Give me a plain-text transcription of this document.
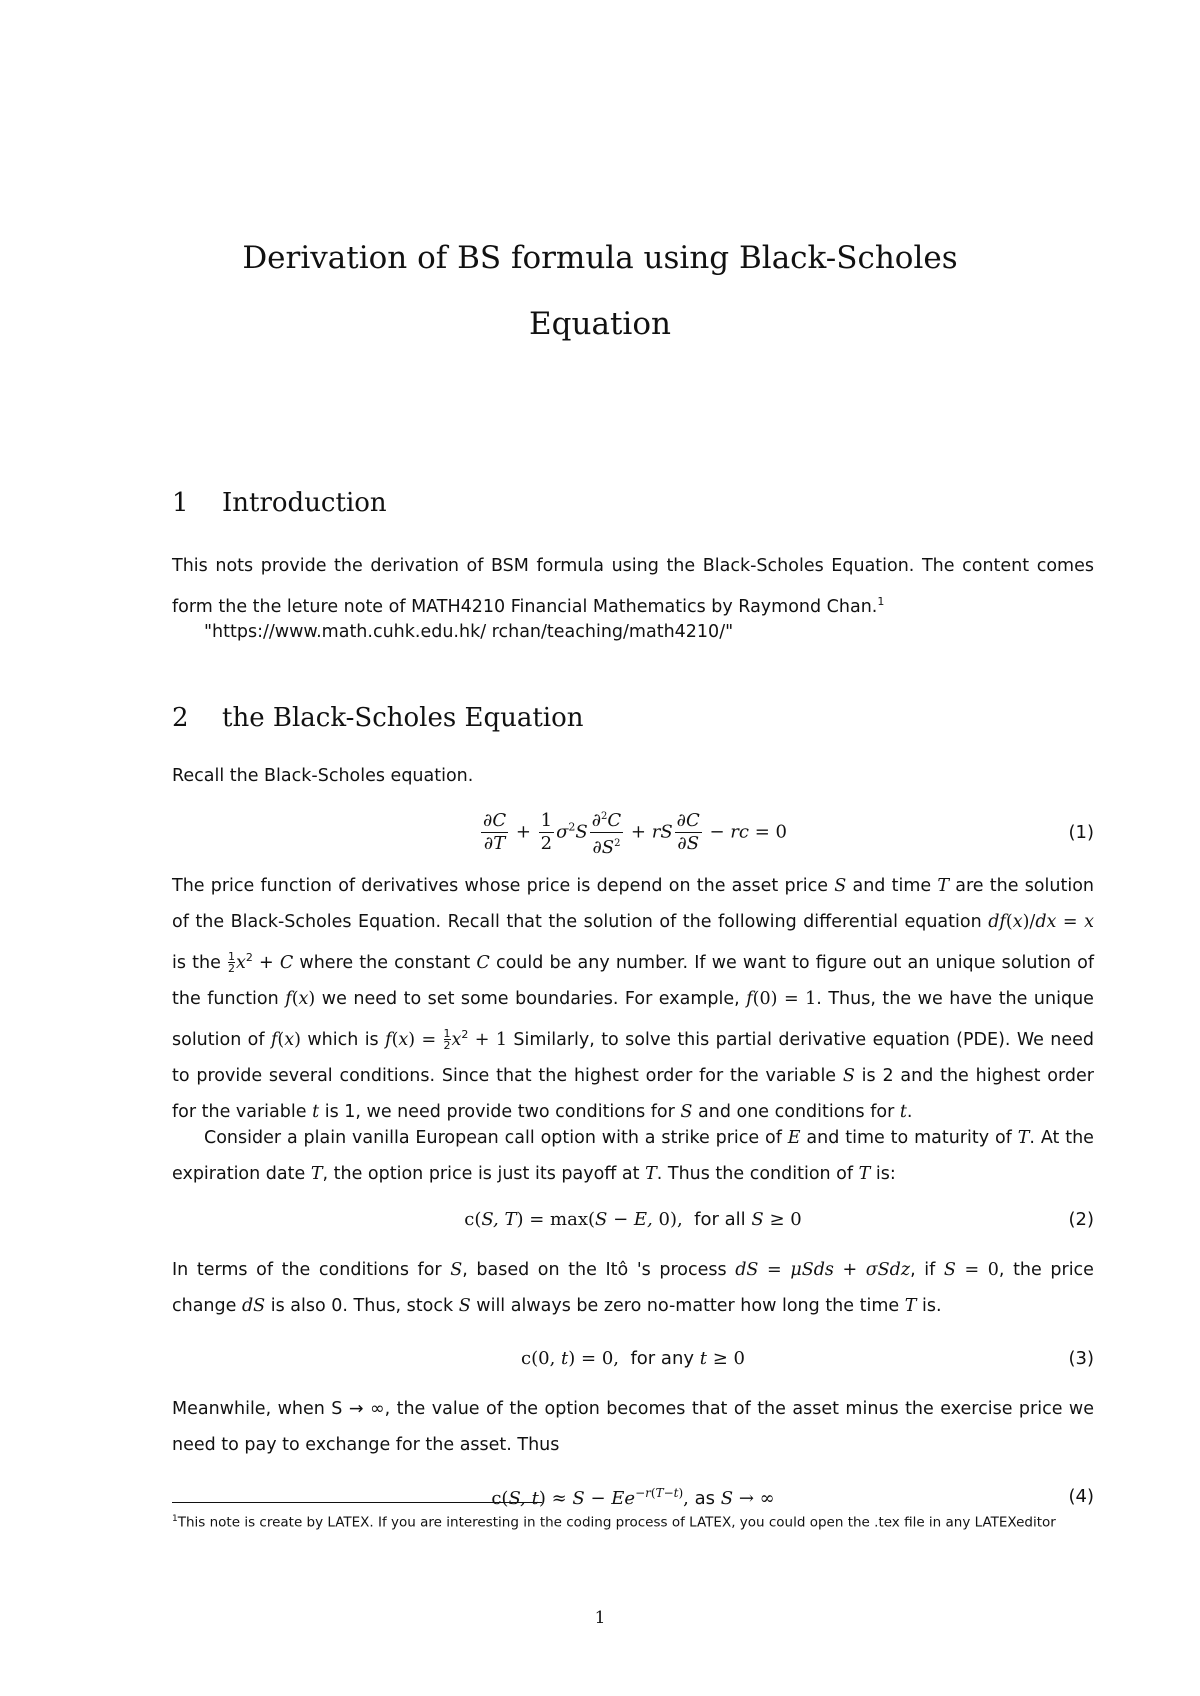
Derivation of BS formula using Black-Scholes
Equation
1 Introduction

This nots provide the derivation of BSM formula using the Black-Scholes Equation. The content comes form the the leture note of MATH4210 Financial Mathematics by Raymond Chan.$^1$

"https://www.math.cuhk.edu.hk/ rchan/teaching/math4210/"
2 the Black-Scholes Equation
Recall the Black-Scholes equation.
$\frac{\partial C}{\partial T} + \frac{1}{2} \sigma^2S \frac{\partial^2C}{\partial S^2}$ + rS $\frac{\partial C}{\partial S}$ − rc = 0	(1)

The price function of derivatives whose price is depend on the asset price S and time T are the solution of the Black-Scholes Equation. Recall that the solution of the following differential equation df(x)/dx = x is the $\frac{1}{2} x^2 + C$ where the constant C could be any number. If we want to figure out an unique solution of the function f(x) we need to set some boundaries. For example, f(0) = 1. Thus, the we have the unique solution of f(x) which is $f(x) = \frac{1}{2} x^2 + 1$ Similarly, to solve this partial derivative equation (PDE). We need to provide several conditions. Since that the highest order for the variable S is 2 and the highest order for the variable t is 1, we need provide two conditions for S and one conditions for t.

Consider a plain vanilla European call option with a strike price of E and time to maturity of T. At the expiration date T, the option price is just its payoff at T. Thus the condition of T is:

c(S, T) = max(S − E, 0), for all S ≥ 0	(2)

In terms of the conditions for S, based on the Itô 's process dS = μSds + σSdz, if S = 0, the price change dS is also 0. Thus, stock S will always be zero no-matter how long the time T is.

c(0, t) = 0, for any t ≥ 0	(3)

Meanwhile, when S → ∞, the value of the option becomes that of the asset minus the exercise price we need to pay to exchange for the asset. Thus

c(S, $t) \approx S - Ee^{-r(T-t)}$, as S → ∞	(4)
$^1$This note is create by LATEX. If you are interesting in the coding process of LATEX, you could open the .tex file in any LATEXeditor
1
